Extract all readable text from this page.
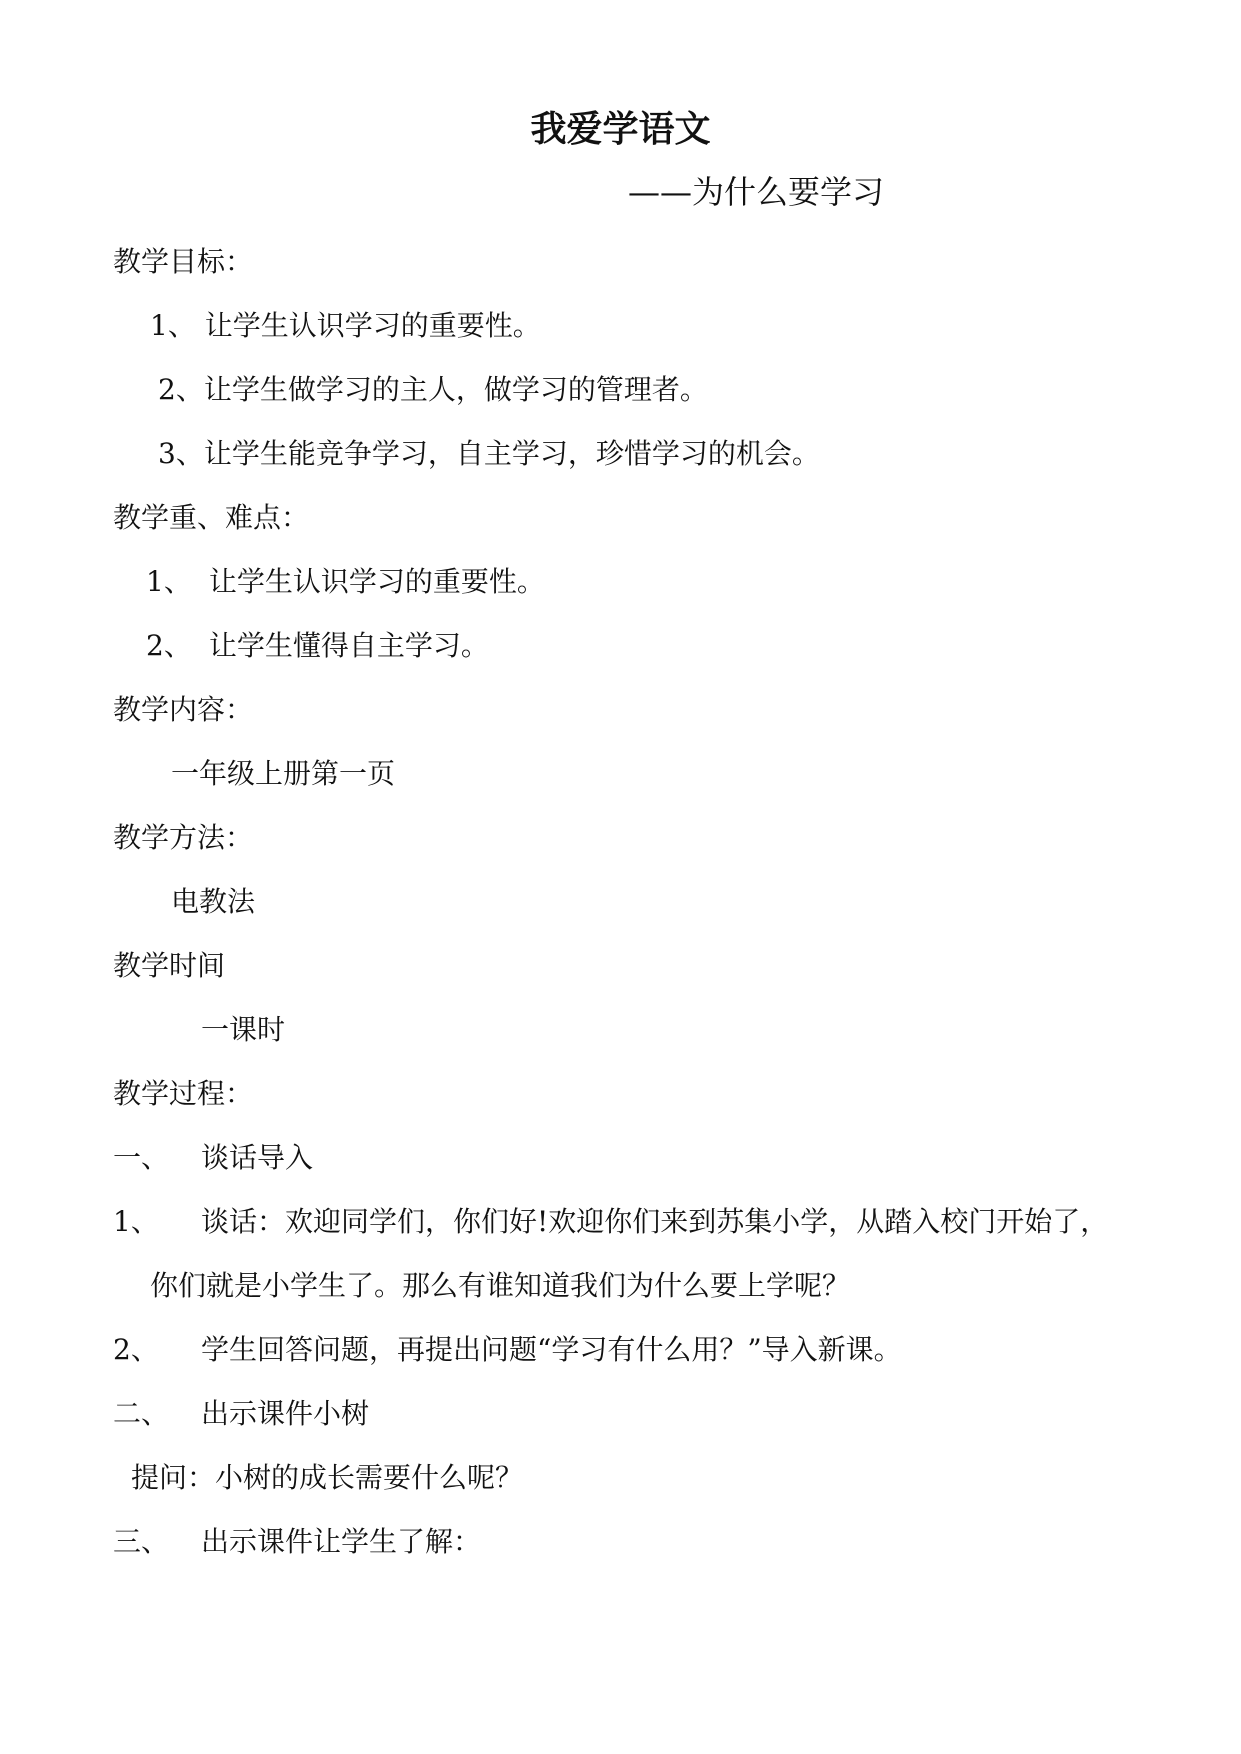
我爱学语文
——为什么要学习
教学目标：
1、 让学生认识学习的重要性。
2、让学生做学习的主人，做学习的管理者。
3、让学生能竞争学习，自主学习，珍惜学习的机会。
教学重、难点：
1、 让学生认识学习的重要性。
2、 让学生懂得自主学习。
教学内容：
一年级上册第一页
教学方法：
电教法
教学时间
一课时
教学过程：
一、 谈话导入
1、 谈话：欢迎同学们，你们好!欢迎你们来到苏集小学，从踏入校门开始了，
你们就是小学生了。那么有谁知道我们为什么要上学呢？
2、 学生回答问题，再提出问题“学习有什么用？”导入新课。
二、 出示课件小树
提问：小树的成长需要什么呢？
三、 出示课件让学生了解：
